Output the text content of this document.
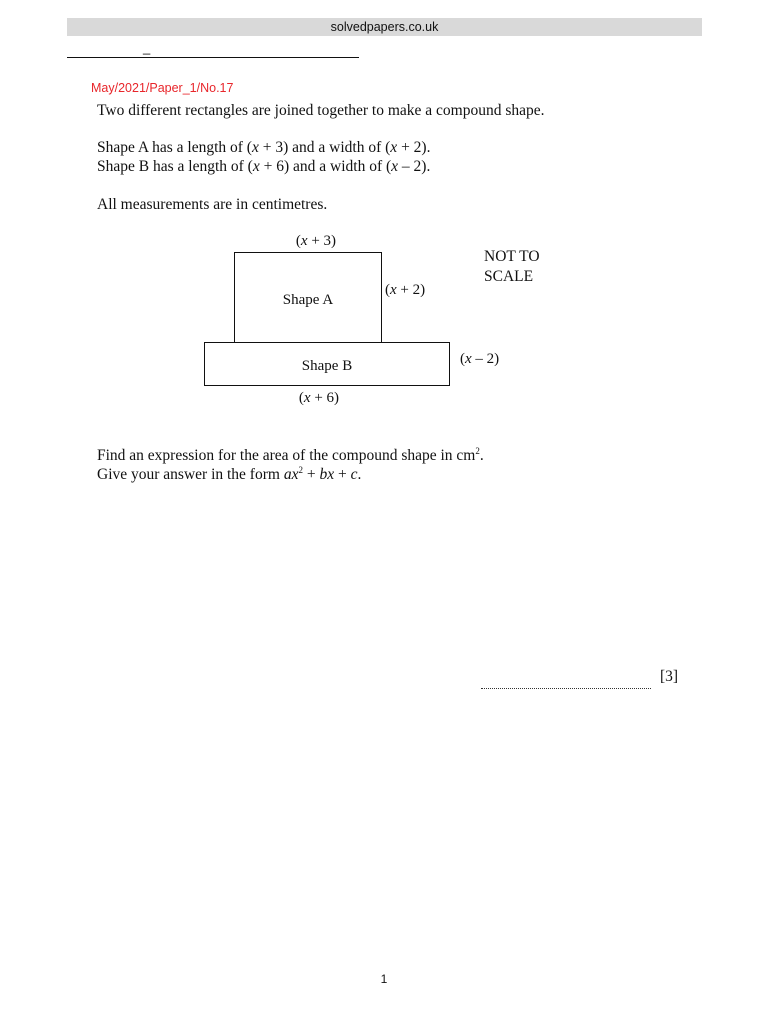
solvedpapers.co.uk
_
May/2021/Paper_1/No.17
Two different rectangles are joined together to make a compound shape.
Shape A has a length of (x + 3) and a width of (x + 2).
Shape B has a length of (x + 6) and a width of (x – 2).
All measurements are in centimetres.
(x + 3)
Shape A
Shape B
(x + 2)
(x – 2)
(x + 6)
NOT TO
SCALE
Find an expression for the area of the compound shape in $cm^2$.
Give your answer in the form $ax^2$ + bx + c.
[3]
1
